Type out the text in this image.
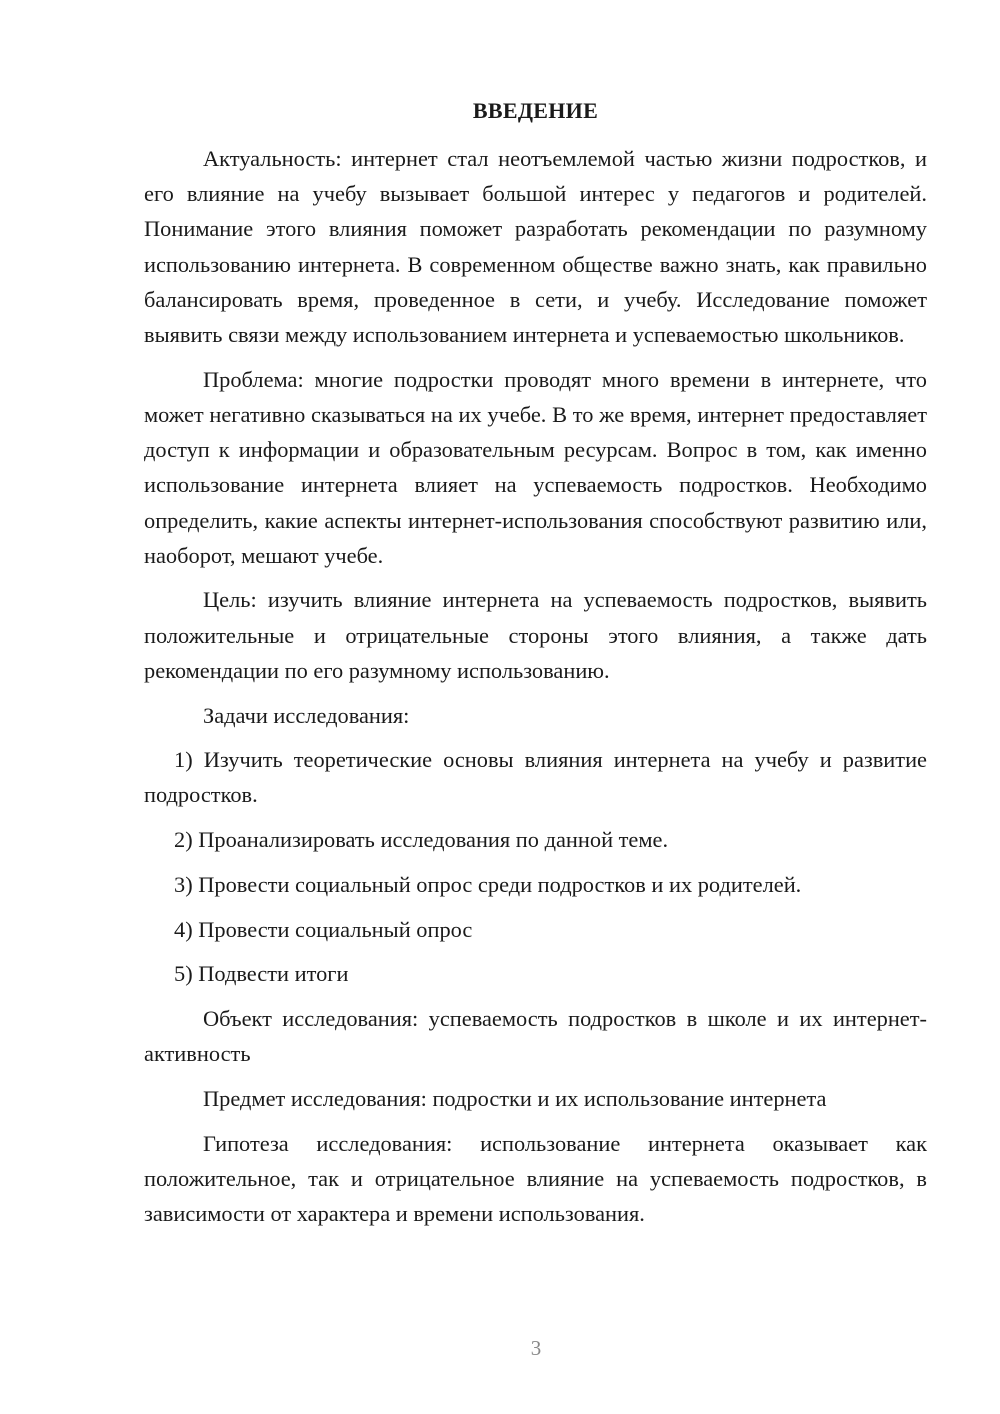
ВВЕДЕНИЕ

Актуальность: интернет стал неотъемлемой частью жизни подростков, и его влияние на учебу вызывает большой интерес у педагогов и родителей. Понимание этого влияния поможет разработать рекомендации по разумному использованию интернета. В современном обществе важно знать, как правильно балансировать время, проведенное в сети, и учебу. Исследование поможет выявить связи между использованием интернета и успеваемостью школьников.

Проблема: многие подростки проводят много времени в интернете, что может негативно сказываться на их учебе. В то же время, интернет предоставляет доступ к информации и образовательным ресурсам. Вопрос в том, как именно использование интернета влияет на успеваемость подростков. Необходимо определить, какие аспекты интернет-использования способствуют развитию или, наоборот, мешают учебе.

Цель: изучить влияние интернета на успеваемость подростков, выявить положительные и отрицательные стороны этого влияния, а также дать рекомендации по его разумному использованию.

Задачи исследования:

1) Изучить теоретические основы влияния интернета на учебу и развитие подростков.

2) Проанализировать исследования по данной теме.

3) Провести социальный опрос среди подростков и их родителей.

4) Провести социальный опрос

5) Подвести итоги

Объект исследования: успеваемость подростков в школе и их интернет-активность

Предмет исследования: подростки и их использование интернета

Гипотеза исследования: использование интернета оказывает как положительное, так и отрицательное влияние на успеваемость подростков, в зависимости от характера и времени использования.

3
